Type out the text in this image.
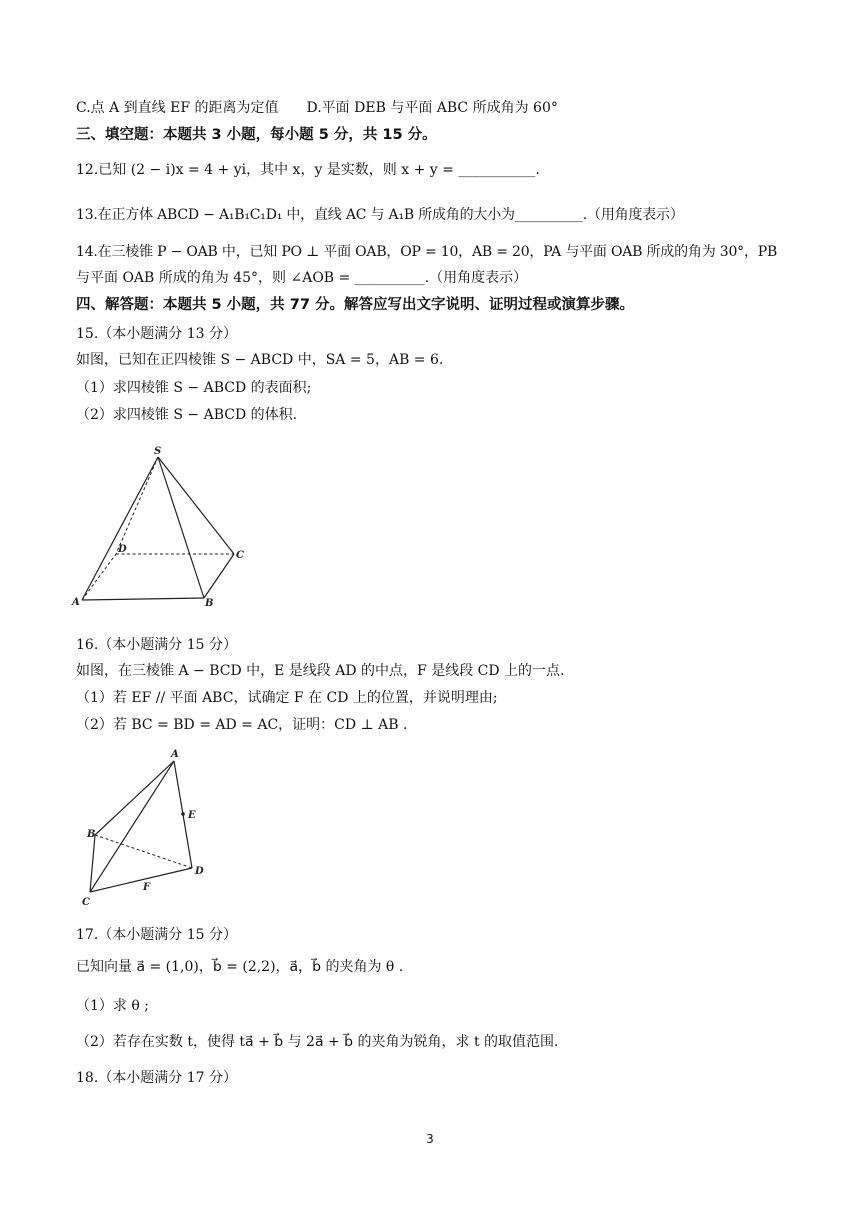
C.点 A 到直线 EF 的距离为定值　　D.平面 DEB 与平面 ABC 所成角为 60°
三、填空题：本题共 3 小题，每小题 5 分，共 15 分。
12.已知 (2 − i)x = 4 + yi，其中 x，y 是实数，则 x + y = ___________.
13.在正方体 ABCD − A₁B₁C₁D₁ 中，直线 AC 与 A₁B 所成角的大小为__________.（用角度表示）
14.在三棱锥 P − OAB 中，已知 PO ⊥ 平面 OAB，OP = 10，AB = 20，PA 与平面 OAB 所成的角为 30°，PB
与平面 OAB 所成的角为 45°，则 ∠AOB = __________.（用角度表示）
四、解答题：本题共 5 小题，共 77 分。解答应写出文字说明、证明过程或演算步骤。
15.（本小题满分 13 分）
如图，已知在正四棱锥 S − ABCD 中，SA = 5，AB = 6.
（1）求四棱锥 S − ABCD 的表面积;
（2）求四棱锥 S − ABCD 的体积.
S
D
C
A	B
16.（本小题满分 15 分）
如图，在三棱锥 A − BCD 中，E 是线段 AD 的中点，F 是线段 CD 上的一点.
（1）若 EF // 平面 ABC，试确定 F 在 CD 上的位置，并说明理由;
（2）若 BC = BD = AD = AC，证明：CD ⊥ AB .
A
E
B
D
F
C
17.（本小题满分 15 分）
已知向量 a⃗ = (1,0)，b⃗ = (2,2)，a⃗，b⃗ 的夹角为 θ .
（1）求 θ ;
（2）若存在实数 t，使得 ta⃗ + b⃗ 与 2a⃗ + b⃗ 的夹角为锐角，求 t 的取值范围.
18.（本小题满分 17 分）
3
